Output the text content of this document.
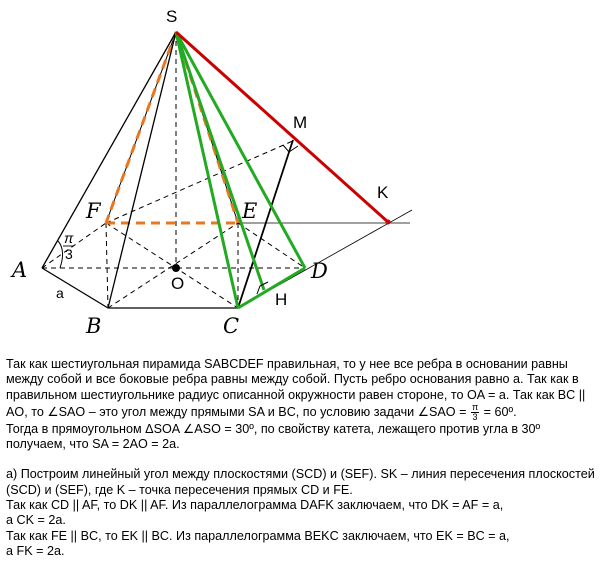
S
A
B	C
D
E
F
O
M
K
H
a
π
3

Так как шестиугольная пирамида SABCDEF правильная, то у нее все ребра в основании равны между собой и все боковые ребра равны между собой. Пусть ребро основания равно a. Так как в правильном шестиугольнике радиус описанной окружности равен стороне, то OA = a. Так как BC || AO, то ∠SAO – это угол между прямыми SA и BC, по условию задачи ∠SAO = $\frac{\pi}{3}$ = 60º.

Тогда в прямоугольном ΔSOA ∠ASO = 30º, по свойству катета, лежащего против угла в 30º получаем, что SA = 2AO = 2a.

а) Построим линейный угол между плоскостями (SCD) и (SEF). SK – линия пересечения плоскостей (SCD) и (SEF), где K – точка пересечения прямых CD и FE.

Так как CD || AF, то DK || AF. Из параллелограмма DAFK заключаем, что DK = AF = a,

а CK = 2a.

Так как FE || BC, то EK || BC. Из параллелограмма BEKC заключаем, что EK = BC = a,

а FK = 2a.
